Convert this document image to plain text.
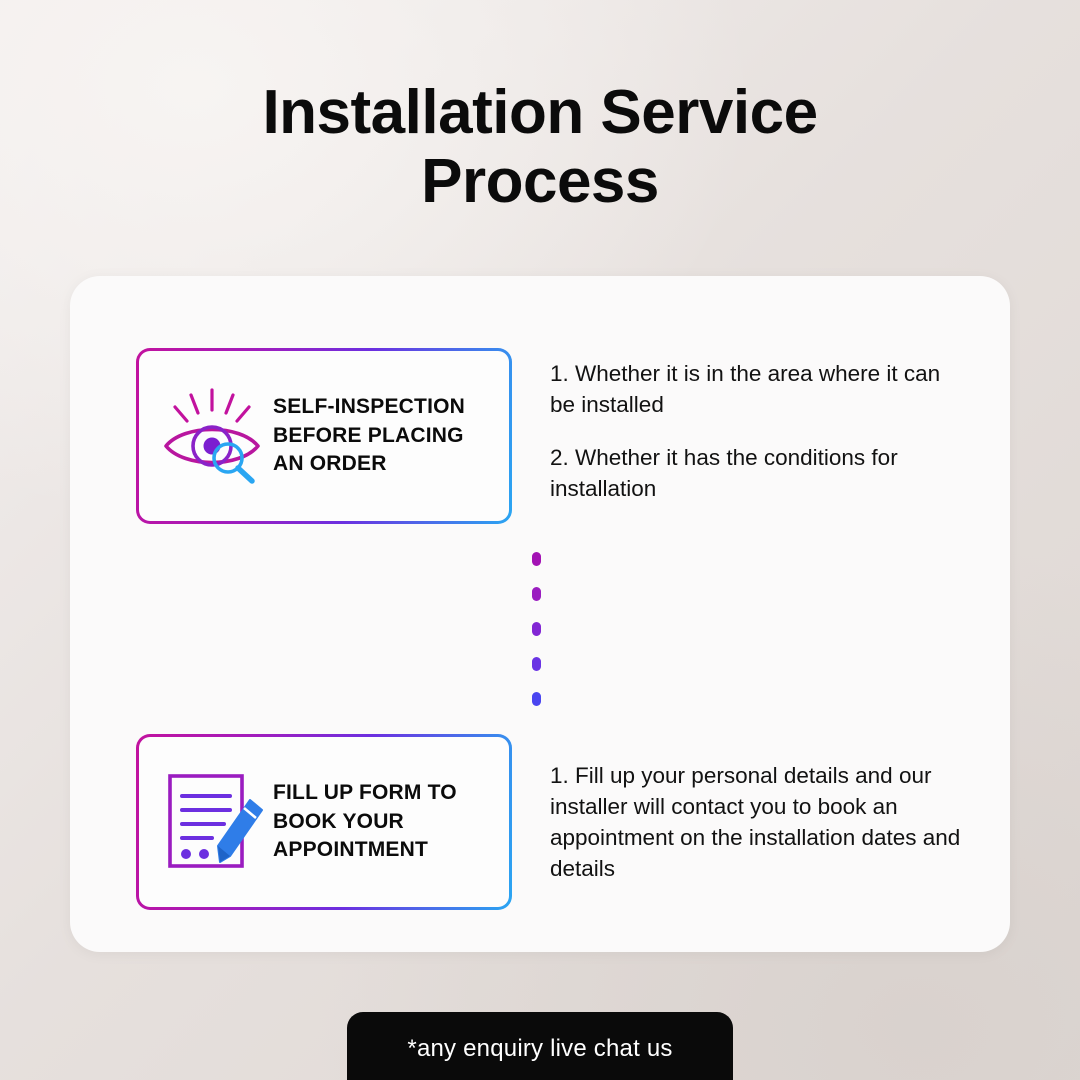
Installation Service
Process
SELF-INSPECTION
BEFORE PLACING
AN ORDER

1. Whether it is in the area where it can be installed

2. Whether it has the conditions for installation

FILL UP FORM TO
BOOK YOUR
APPOINTMENT

1. Fill up your personal details and our installer will contact you to book an appointment on the installation dates and details

*any enquiry live chat us
